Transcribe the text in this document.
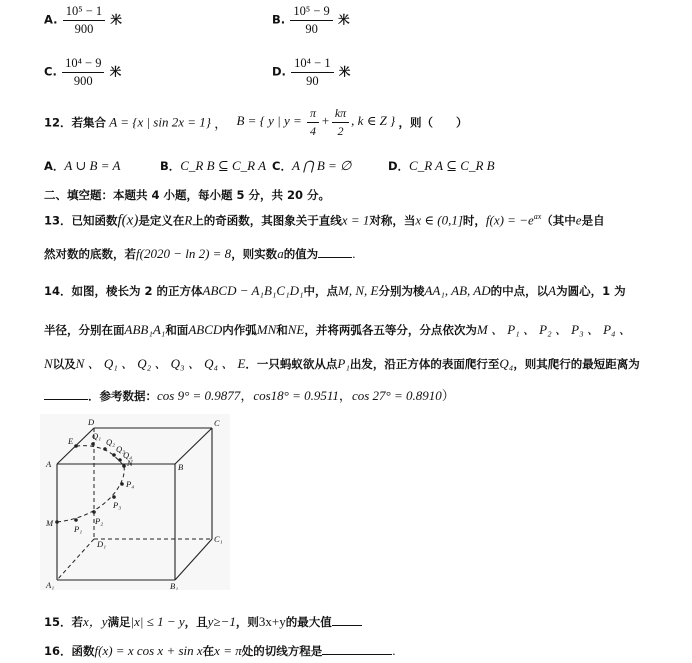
A. $\frac{\text{10⁵ − 1}}{900}$ 米	B. $\frac{\text{10⁵ − 9}}{90}$ 米
C. $\frac{\text{10⁴ − 9}}{900}$ 米	D. $\frac{\text{10⁴ − 1}}{90}$ 米
12．若集合 A = {x | sin 2x = 1} ， B = { y | $y = \frac{\pi}{4} + \frac{k\pi}{2}$ , k ∈ Z } ，则（　　）
A．A ∪ B = A	B．C_R B ⊆ C_R A C．A ⋂ B = ∅	D．C_R A ⊆ C_R B
二、填空题：本题共 4 小题，每小题 5 分，共 20 分。
13．已知函数f(x)是定义在R上的奇函数，其图象关于直线x = 1对称，当x ∈ (0,1]时，$f(x) = -e^{ax}$（其中e是自
然对数的底数，若f(2020 − ln 2) = 8，则实数a的值为	.
14．如图，棱长为 2 的正方体ABCD − A₁B₁C₁D₁中，点M, N, E分别为棱AA₁, AB, AD的中点，以A为圆心，1 为
半径，分别在面ABB₁A₁和面ABCD内作弧MN和NE，并将两弧各五等分，分点依次为M 、 P₁ 、 P₂ 、 P₃ 、 P₄ 、
N以及N 、 Q₁ 、 Q₂ 、 Q₃ 、 Q₄ 、 E．一只蚂蚁欲从点P₁出发，沿正方体的表面爬行至Q₄，则其爬行的最短距离为
．参考数据：cos 9° = 0.9877，cos18° = 0.9511，cos 27° = 0.8910）
A	B
C
D
A₁	B₁
C₁
D₁
E
M
N
P₁
P₂
P₃
P₄
Q₁
Q₂
Q₃
Q₄
15．若x，y满足|x| ≤ 1 − y，且y≥−1，则3x+y的最大值
16．函数f(x) = x cos x + sin x在x = π处的切线方程是	.
